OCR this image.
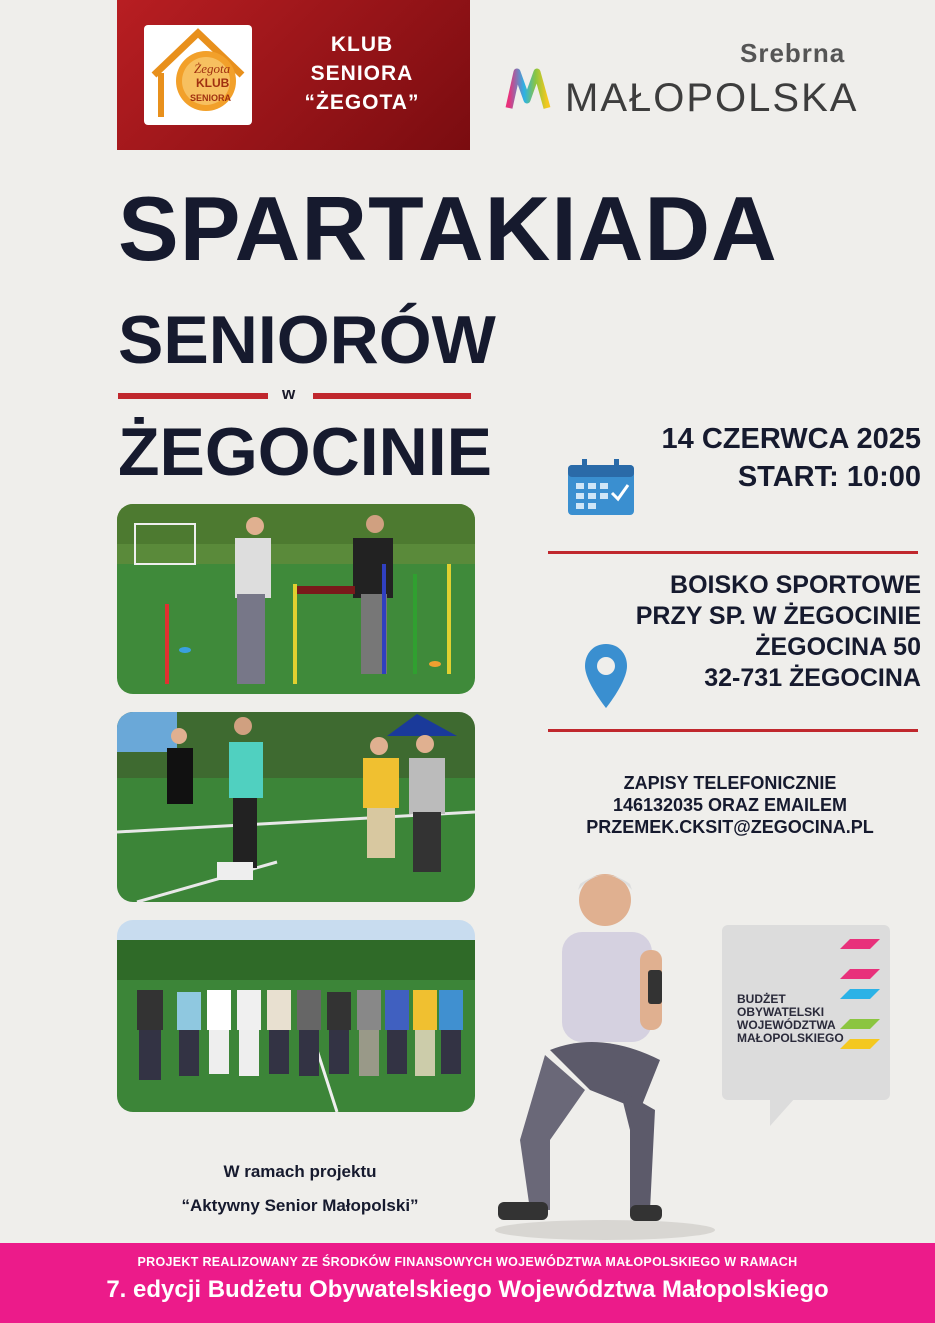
Żegota
KLUB
SENIORA
KLUB
SENIORA
“ŻEGOTA”
Srebrna
MAŁOPOLSKA
SPARTAKIADA
SENIORÓW
w
ŻEGOCINIE	14 CZERWCA 2025
START: 10:00
BOISKO SPORTOWE
PRZY SP. W ŻEGOCINIE
ŻEGOCINA 50
32-731 ŻEGOCINA
ZAPISY TELEFONICZNIE
146132035 ORAZ EMAILEM
PRZEMEK.CKSIT@ZEGOCINA.PL
BUDŻET
OBYWATELSKI
WOJEWÓDZTWA
MAŁOPOLSKIEGO
W ramach projektu
“Aktywny Senior Małopolski”
PROJEKT REALIZOWANY ZE ŚRODKÓW FINANSOWYCH WOJEWÓDZTWA MAŁOPOLSKIEGO W RAMACH
7. edycji Budżetu Obywatelskiego Województwa Małopolskiego
